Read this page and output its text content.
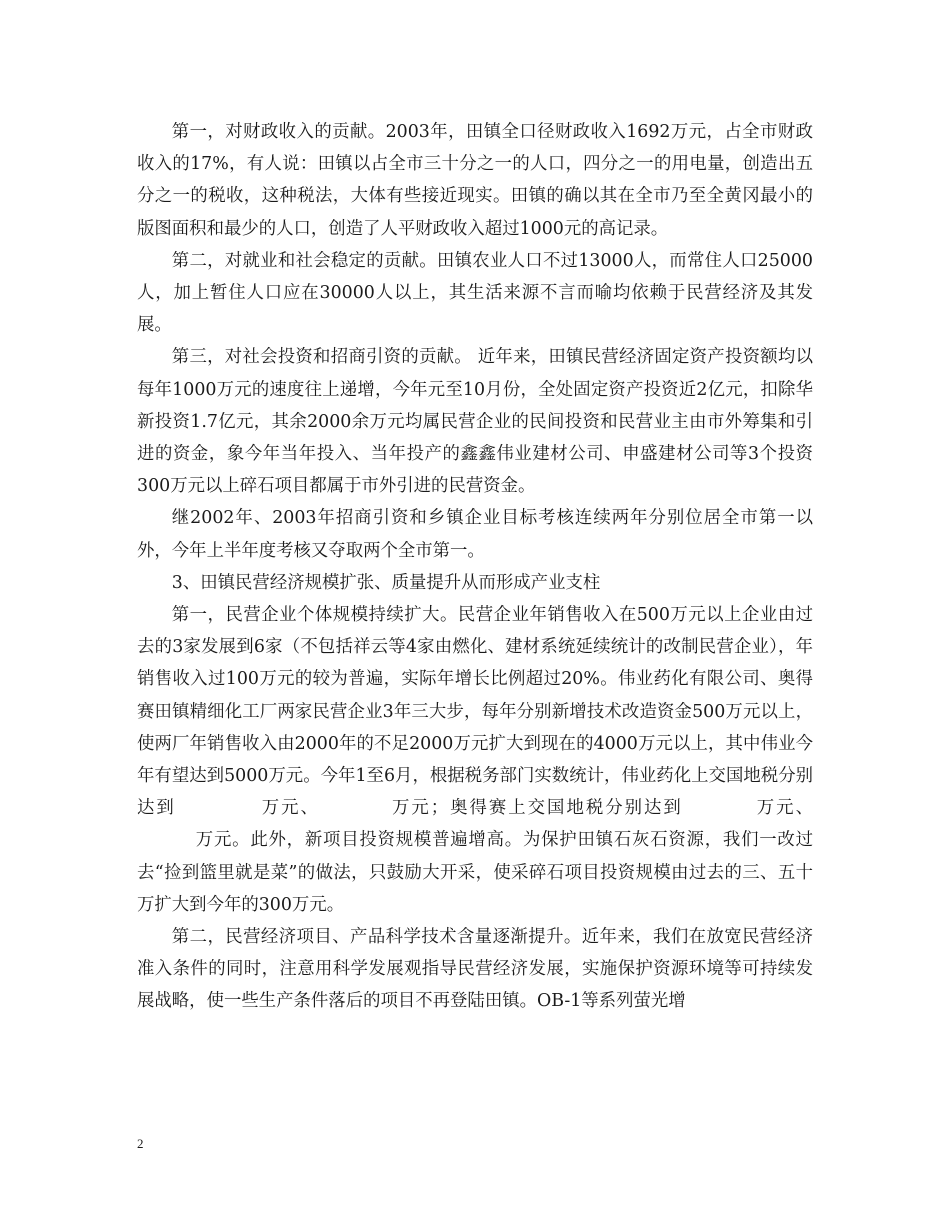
第一，对财政收入的贡献。2003年，田镇全口径财政收入1692万元，占全市财政收入的17%，有人说：田镇以占全市三十分之一的人口，四分之一的用电量，创造出五分之一的税收，这种税法，大体有些接近现实。田镇的确以其在全市乃至全黄冈最小的版图面积和最少的人口，创造了人平财政收入超过1000元的高记录。

第二，对就业和社会稳定的贡献。田镇农业人口不过13000人，而常住人口25000人，加上暂住人口应在30000人以上，其生活来源不言而喻均依赖于民营经济及其发展。

第三，对社会投资和招商引资的贡献。 近年来，田镇民营经济固定资产投资额均以每年1000万元的速度往上递增，今年元至10月份，全处固定资产投资近2亿元，扣除华新投资1.7亿元，其余2000余万元均属民营企业的民间投资和民营业主由市外筹集和引进的资金，象今年当年投入、当年投产的鑫鑫伟业建材公司、申盛建材公司等3个投资300万元以上碎石项目都属于市外引进的民营资金。

继2002年、2003年招商引资和乡镇企业目标考核连续两年分别位居全市第一以外，今年上半年度考核又夺取两个全市第一。

3、田镇民营经济规模扩张、质量提升从而形成产业支柱

第一，民营企业个体规模持续扩大。民营企业年销售收入在500万元以上企业由过去的3家发展到6家（不包括祥云等4家由燃化、建材系统延续统计的改制民营企业），年销售收入过100万元的较为普遍，实际年增长比例超过20%。伟业药化有限公司、奥得赛田镇精细化工厂两家民营企业3年三大步，每年分别新增技术改造资金500万元以上，使两厂年销售收入由2000年的不足2000万元扩大到现在的4000万元以上，其中伟业今年有望达到5000万元。今年1至6月，根据税务部门实数统计，伟业药化上交国地税分别达到	万元、	万元；奥得赛上交国地税分别达到	万元、万元。此外，新项目投资规模普遍增高。为保护田镇石灰石资源，我们一改过去“捡到篮里就是菜”的做法，只鼓励大开采，使采碎石项目投资规模由过去的三、五十万扩大到今年的300万元。

第二，民营经济项目、产品科学技术含量逐渐提升。近年来，我们在放宽民营经济准入条件的同时，注意用科学发展观指导民营经济发展，实施保护资源环境等可持续发展战略，使一些生产条件落后的项目不再登陆田镇。OB-1等系列萤光增

2
